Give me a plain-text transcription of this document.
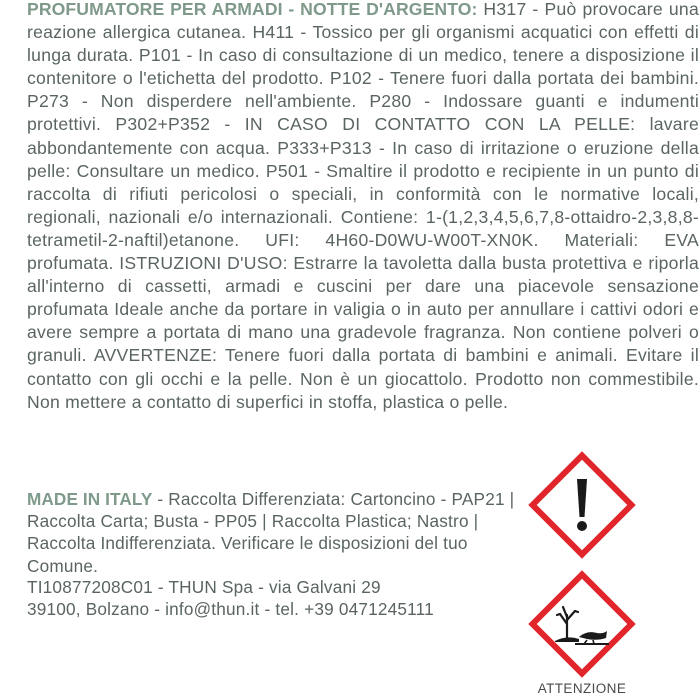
PROFUMATORE PER ARMADI - NOTTE D'ARGENTO: H317 - Può provocare una reazione allergica cutanea. H411 - Tossico per gli organismi acquatici con effetti di lunga durata. P101 - In caso di consultazione di un medico, tenere a disposizione il contenitore o l'etichetta del prodotto. P102 - Tenere fuori dalla portata dei bambini. P273 - Non disperdere nell'ambiente. P280 - Indossare guanti e indumenti protettivi. P302+P352 - IN CASO DI CONTATTO CON LA PELLE: lavare abbondantemente con acqua. P333+P313 - In caso di irritazione o eruzione della pelle: Consultare un medico. P501 - Smaltire il prodotto e recipiente in un punto di raccolta di rifiuti pericolosi o speciali, in conformità con le normative locali, regionali, nazionali e/o internazionali. Contiene: 1-(1,2,3,4,5,6,7,8-ottaidro-2,3,8,8-tetrametil-2-naftil)etanone. UFI: 4H60-D0WU-W00T-XN0K. Materiali: EVA profumata. ISTRUZIONI D'USO: Estrarre la tavoletta dalla busta protettiva e riporla all'interno di cassetti, armadi e cuscini per dare una piacevole sensazione profumata Ideale anche da portare in valigia o in auto per annullare i cattivi odori e avere sempre a portata di mano una gradevole fragranza. Non contiene polveri o granuli. AVVERTENZE: Tenere fuori dalla portata di bambini e animali. Evitare il contatto con gli occhi e la pelle. Non è un giocattolo. Prodotto non commestibile. Non mettere a contatto di superfici in stoffa, plastica o pelle.

MADE IN ITALY - Raccolta Differenziata: Cartoncino - PAP21 | Raccolta Carta; Busta - PP05 | Raccolta Plastica; Nastro | Raccolta Indifferenziata. Verificare le disposizioni del tuo Comune.

TI10877208C01 - THUN Spa - via Galvani 29
39100, Bolzano - info@thun.it - tel. +39 0471245111
ATTENZIONE
